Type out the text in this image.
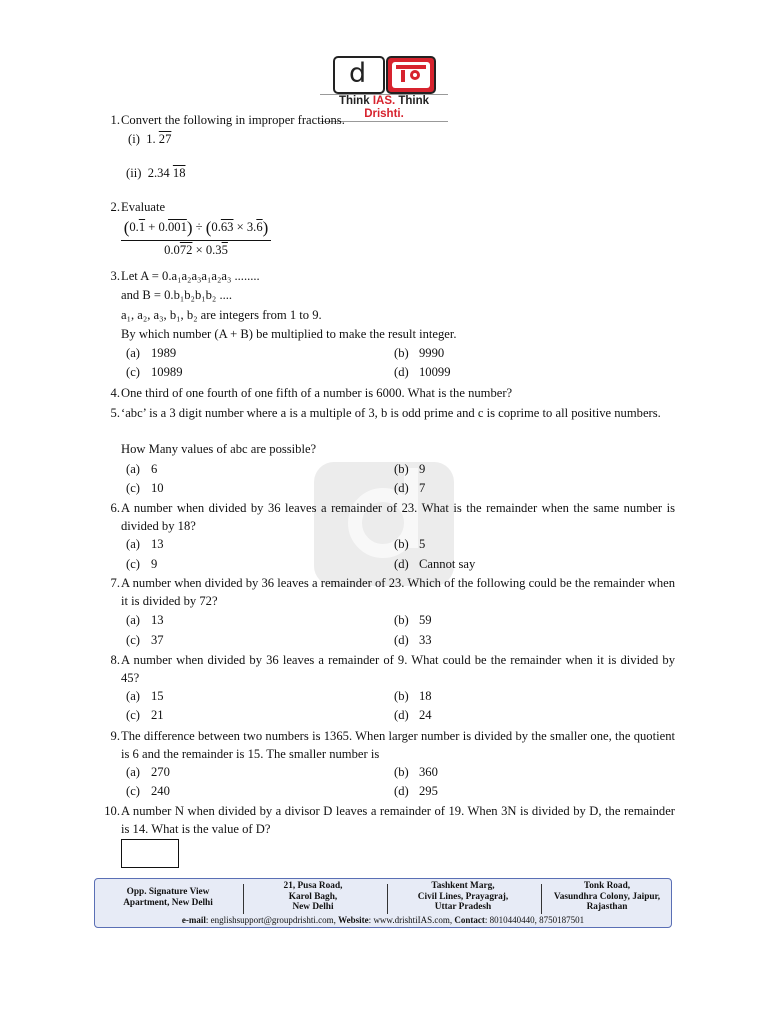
d
Think IAS. Think Drishti.
1. Convert the following in improper fractions.
(i) 1. 27
(ii) 2.34 18
2. Evaluate
(0.1 + 0.001) ÷ (0.63 × 3.6)
0.072 × 0.35
3. Let A = 0.a₁a₂a₃a₁a₂a₃ ........
and B = 0.b₁b₂b₁b₂ ....
a₁, a₂, a₃, b₁, b₂ are integers from 1 to 9.
By which number (A + B) be multiplied to make the result integer.
(a) 1989	(b) 9990
(c) 10989	(d) 10099
4. One third of one fourth of one fifth of a number is 6000. What is the number?
5. ‘abc’ is a 3 digit number where a is a multiple of 3, b is odd prime and c is coprime to all positive numbers.
How Many values of abc are possible?
(a) 6	(b) 9
(c) 10	(d) 7
6. A number when divided by 36 leaves a remainder of 23. What is the remainder when the same number is divided by 18?
(a) 13	(b) 5
(c) 9	(d) Cannot say
7. A number when divided by 36 leaves a remainder of 23. Which of the following could be the remainder when it is divided by 72?
(a) 13	(b) 59
(c) 37	(d) 33
8. A number when divided by 36 leaves a remainder of 9. What could be the remainder when it is divided by 45?
(a) 15	(b) 18
(c) 21	(d) 24
9. The difference between two numbers is 1365. When larger number is divided by the smaller one, the quotient is 6 and the remainder is 15. The smaller number is
(a) 270	(b) 360
(c) 240	(d) 295
10. A number N when divided by a divisor D leaves a remainder of 19. When 3N is divided by D, the remainder is 14. What is the value of D?
Opp. Signature View
Apartment, New Delhi
21, Pusa Road,
Karol Bagh,
New Delhi
Tashkent Marg,
Civil Lines, Prayagraj,
Uttar Pradesh
Tonk Road,
Vasundhra Colony, Jaipur,
Rajasthan
e-mail: englishsupport@groupdrishti.com, Website: www.drishtiIAS.com, Contact: 8010440440, 8750187501
